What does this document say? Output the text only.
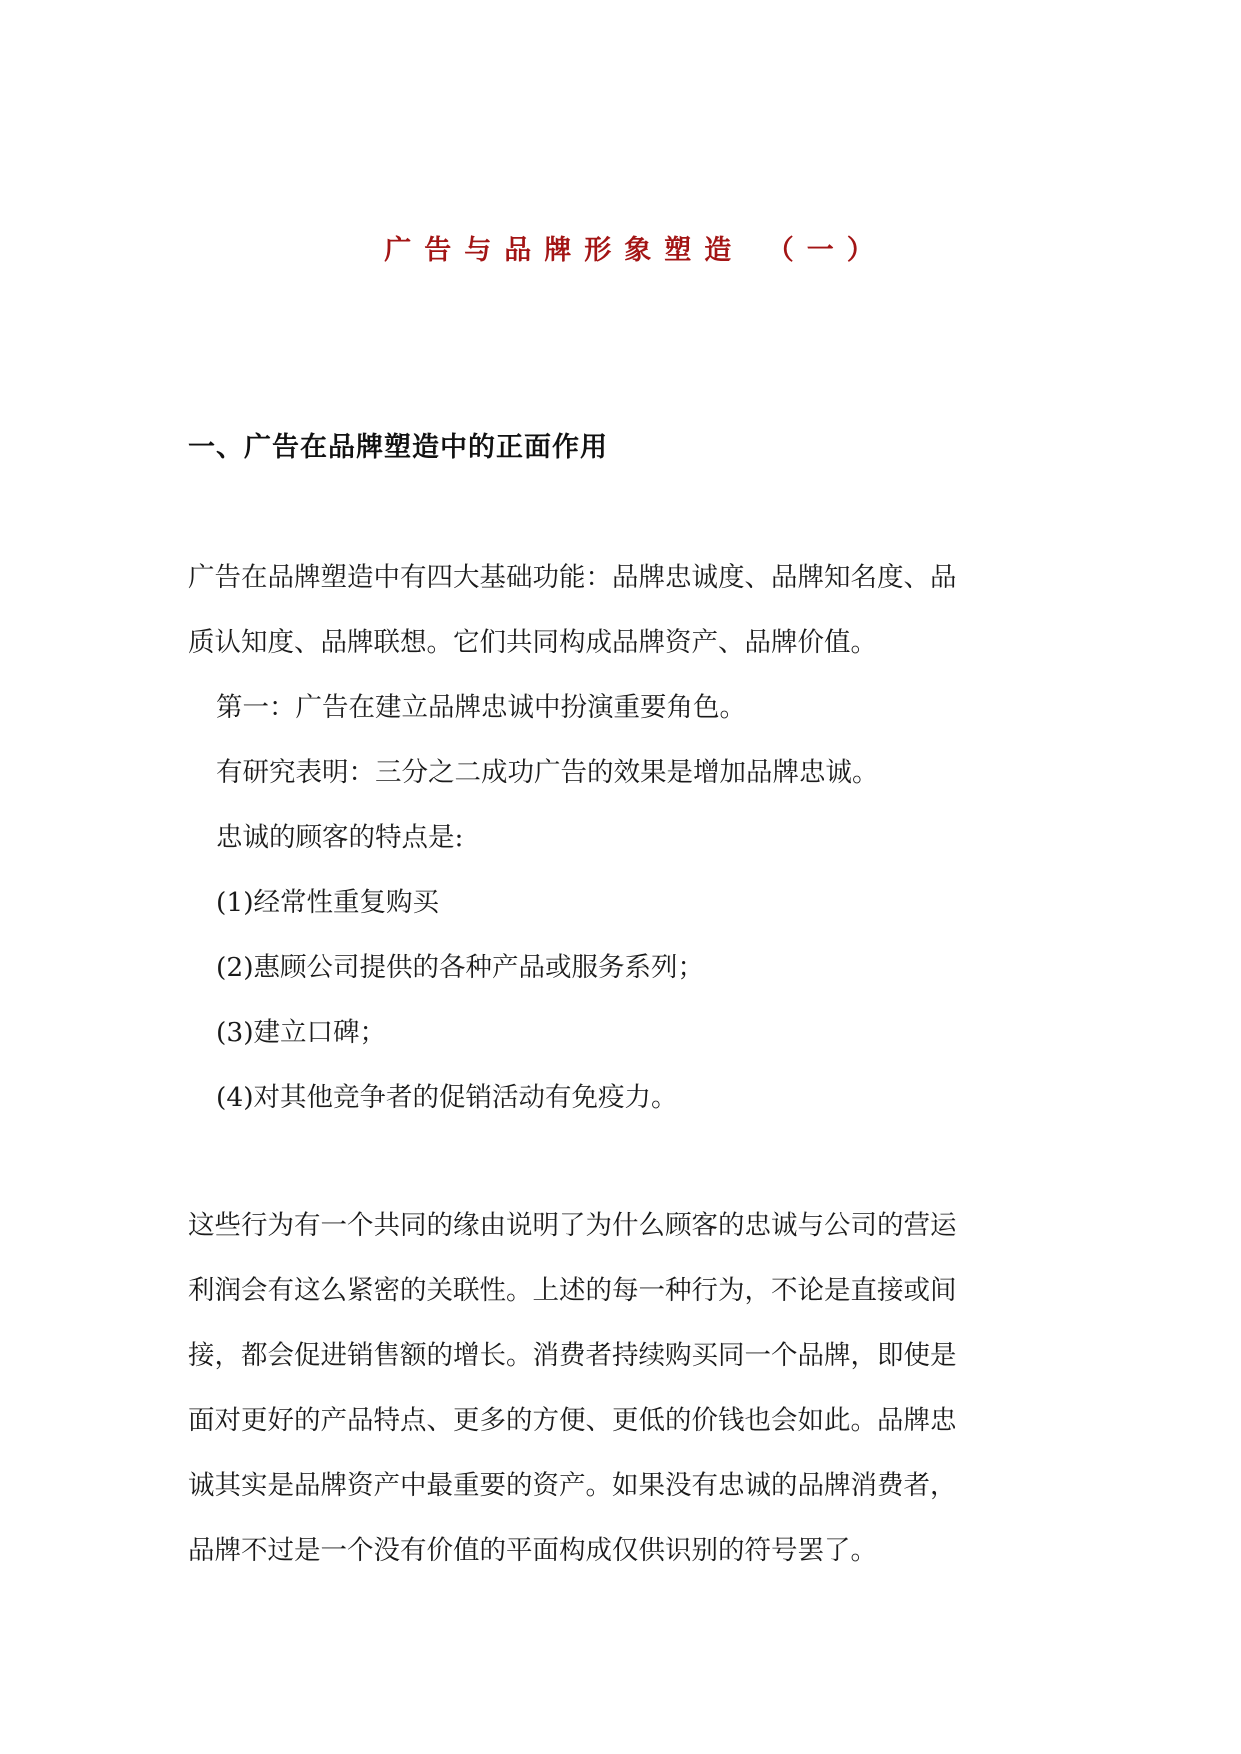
广告与品牌形象塑造 （一）
一、广告在品牌塑造中的正面作用
广告在品牌塑造中有四大基础功能：品牌忠诚度、品牌知名度、品
质认知度、品牌联想。它们共同构成品牌资产、品牌价值。
第一：广告在建立品牌忠诚中扮演重要角色。
有研究表明：三分之二成功广告的效果是增加品牌忠诚。
忠诚的顾客的特点是:
(1)经常性重复购买
(2)惠顾公司提供的各种产品或服务系列；
(3)建立口碑；
(4)对其他竞争者的促销活动有免疫力。
这些行为有一个共同的缘由说明了为什么顾客的忠诚与公司的营运
利润会有这么紧密的关联性。上述的每一种行为，不论是直接或间
接，都会促进销售额的增长。消费者持续购买同一个品牌，即使是
面对更好的产品特点、更多的方便、更低的价钱也会如此。品牌忠
诚其实是品牌资产中最重要的资产。如果没有忠诚的品牌消费者，
品牌不过是一个没有价值的平面构成仅供识别的符号罢了。
